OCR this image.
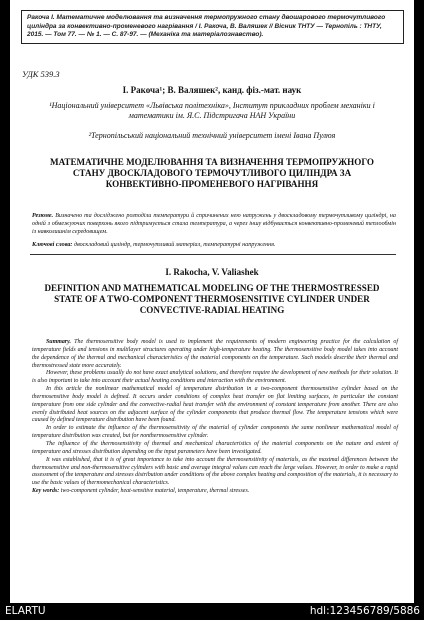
Ракоча І. Математичне моделювання та визначення термопружного стану двошарового термочутливого циліндра за конвективно-променевого нагрівання / І. Ракоча, В. Валяшек // Вісник ТНТУ — Тернопіль : ТНТУ, 2015. — Том 77. — № 1. — С. 87-97. — (Механіка та матеріалознавство).
УДК 539.3
І. Ракоча¹; В. Валяшек², канд. фіз.-мат. наук
¹Національний університет «Львівська політехніка», Інститут прикладних проблем механіки і математики ім. Я.С. Підстригача НАН України
²Тернопільський національний технічний університет імені Івана Пулюя
МАТЕМАТИЧНЕ МОДЕЛЮВАННЯ ТА ВИЗНАЧЕННЯ ТЕРМОПРУЖНОГО СТАНУ ДВОСКЛАДОВОГО ТЕРМОЧУТЛИВОГО ЦИЛІНДРА ЗА КОНВЕКТИВНО-ПРОМЕНЕВОГО НАГРІВАННЯ
Резюме. Визначено та досліджено розподіли температури й спричинених нею напружень у двоскладовому термочутливому циліндрі, на одній з обмежуючих поверхонь якого підтримується стала температура, а через іншу відбувається конвективно-променевий теплообмін із навколишнім середовищем.
Ключові слова: двоскладовий циліндр, термочутливий матеріал, температурні напруження.
I. Rakocha, V. Valiashek
DEFINITION AND MATHEMATICAL MODELING OF THE THERMOSTRESSED STATE OF A TWO-COMPONENT THERMOSENSITIVE CYLINDER UNDER CONVECTIVE-RADIAL HEATING

Summary. The thermosensitive body model is used to implement the requirements of modern engineering practice for the calculation of temperature fields and tensions in multilayer structures operating under high-temperature heating. The thermosensitive body model takes into account the dependence of the thermal and mechanical characteristics of the material components on the temperature. Such models describe their thermal and thermostressed state more accurately.

However, these problems usually do not have exact analytical solutions, and therefore require the development of new methods for their solution. It is also important to take into account their actual heating conditions and interaction with the environment.

In this article the nonlinear mathematical model of temperature distribution in a two-component thermosensitive cylinder based on the thermosensitive body model is defined. It occurs under conditions of complex heat transfer on flat limiting surfaces, in particular the constant temperature from one side cylinder and the convective-radial heat transfer with the environment of constant temperature from another. There are also evenly distributed heat sources on the adjacent surface of the cylinder components that produce thermal flow. The temperature tensions which were caused by defined temperature distribution have been found.

In order to estimate the influence of the thermosensitivity of the material of cylinder components the same nonlinear mathematical model of temperature distribution was created, but for nonthermosensitive cylinder.

The influence of the thermosensitivity of thermal and mechanical characteristics of the material components on the nature and extent of temperature and stresses distribution depending on the input parameters have been investigated.

It was established, that it is of great importance to take into account the thermosensitivity of materials, as the maximal differences between the thermosensitive and non-thermosensitive cylinders with basic and average integral values can reach the large values. However, in order to make a rapid assessment of the temperature and stresses distribution under conditions of the above complex heating and composition of the materials, it is necessary to use the basic values of thermomechanical characteristics.

Key words: two-component cylinder, heat-sensitive material, temperature, thermal stresses.

ELARTU	hdl:123456789/5886
